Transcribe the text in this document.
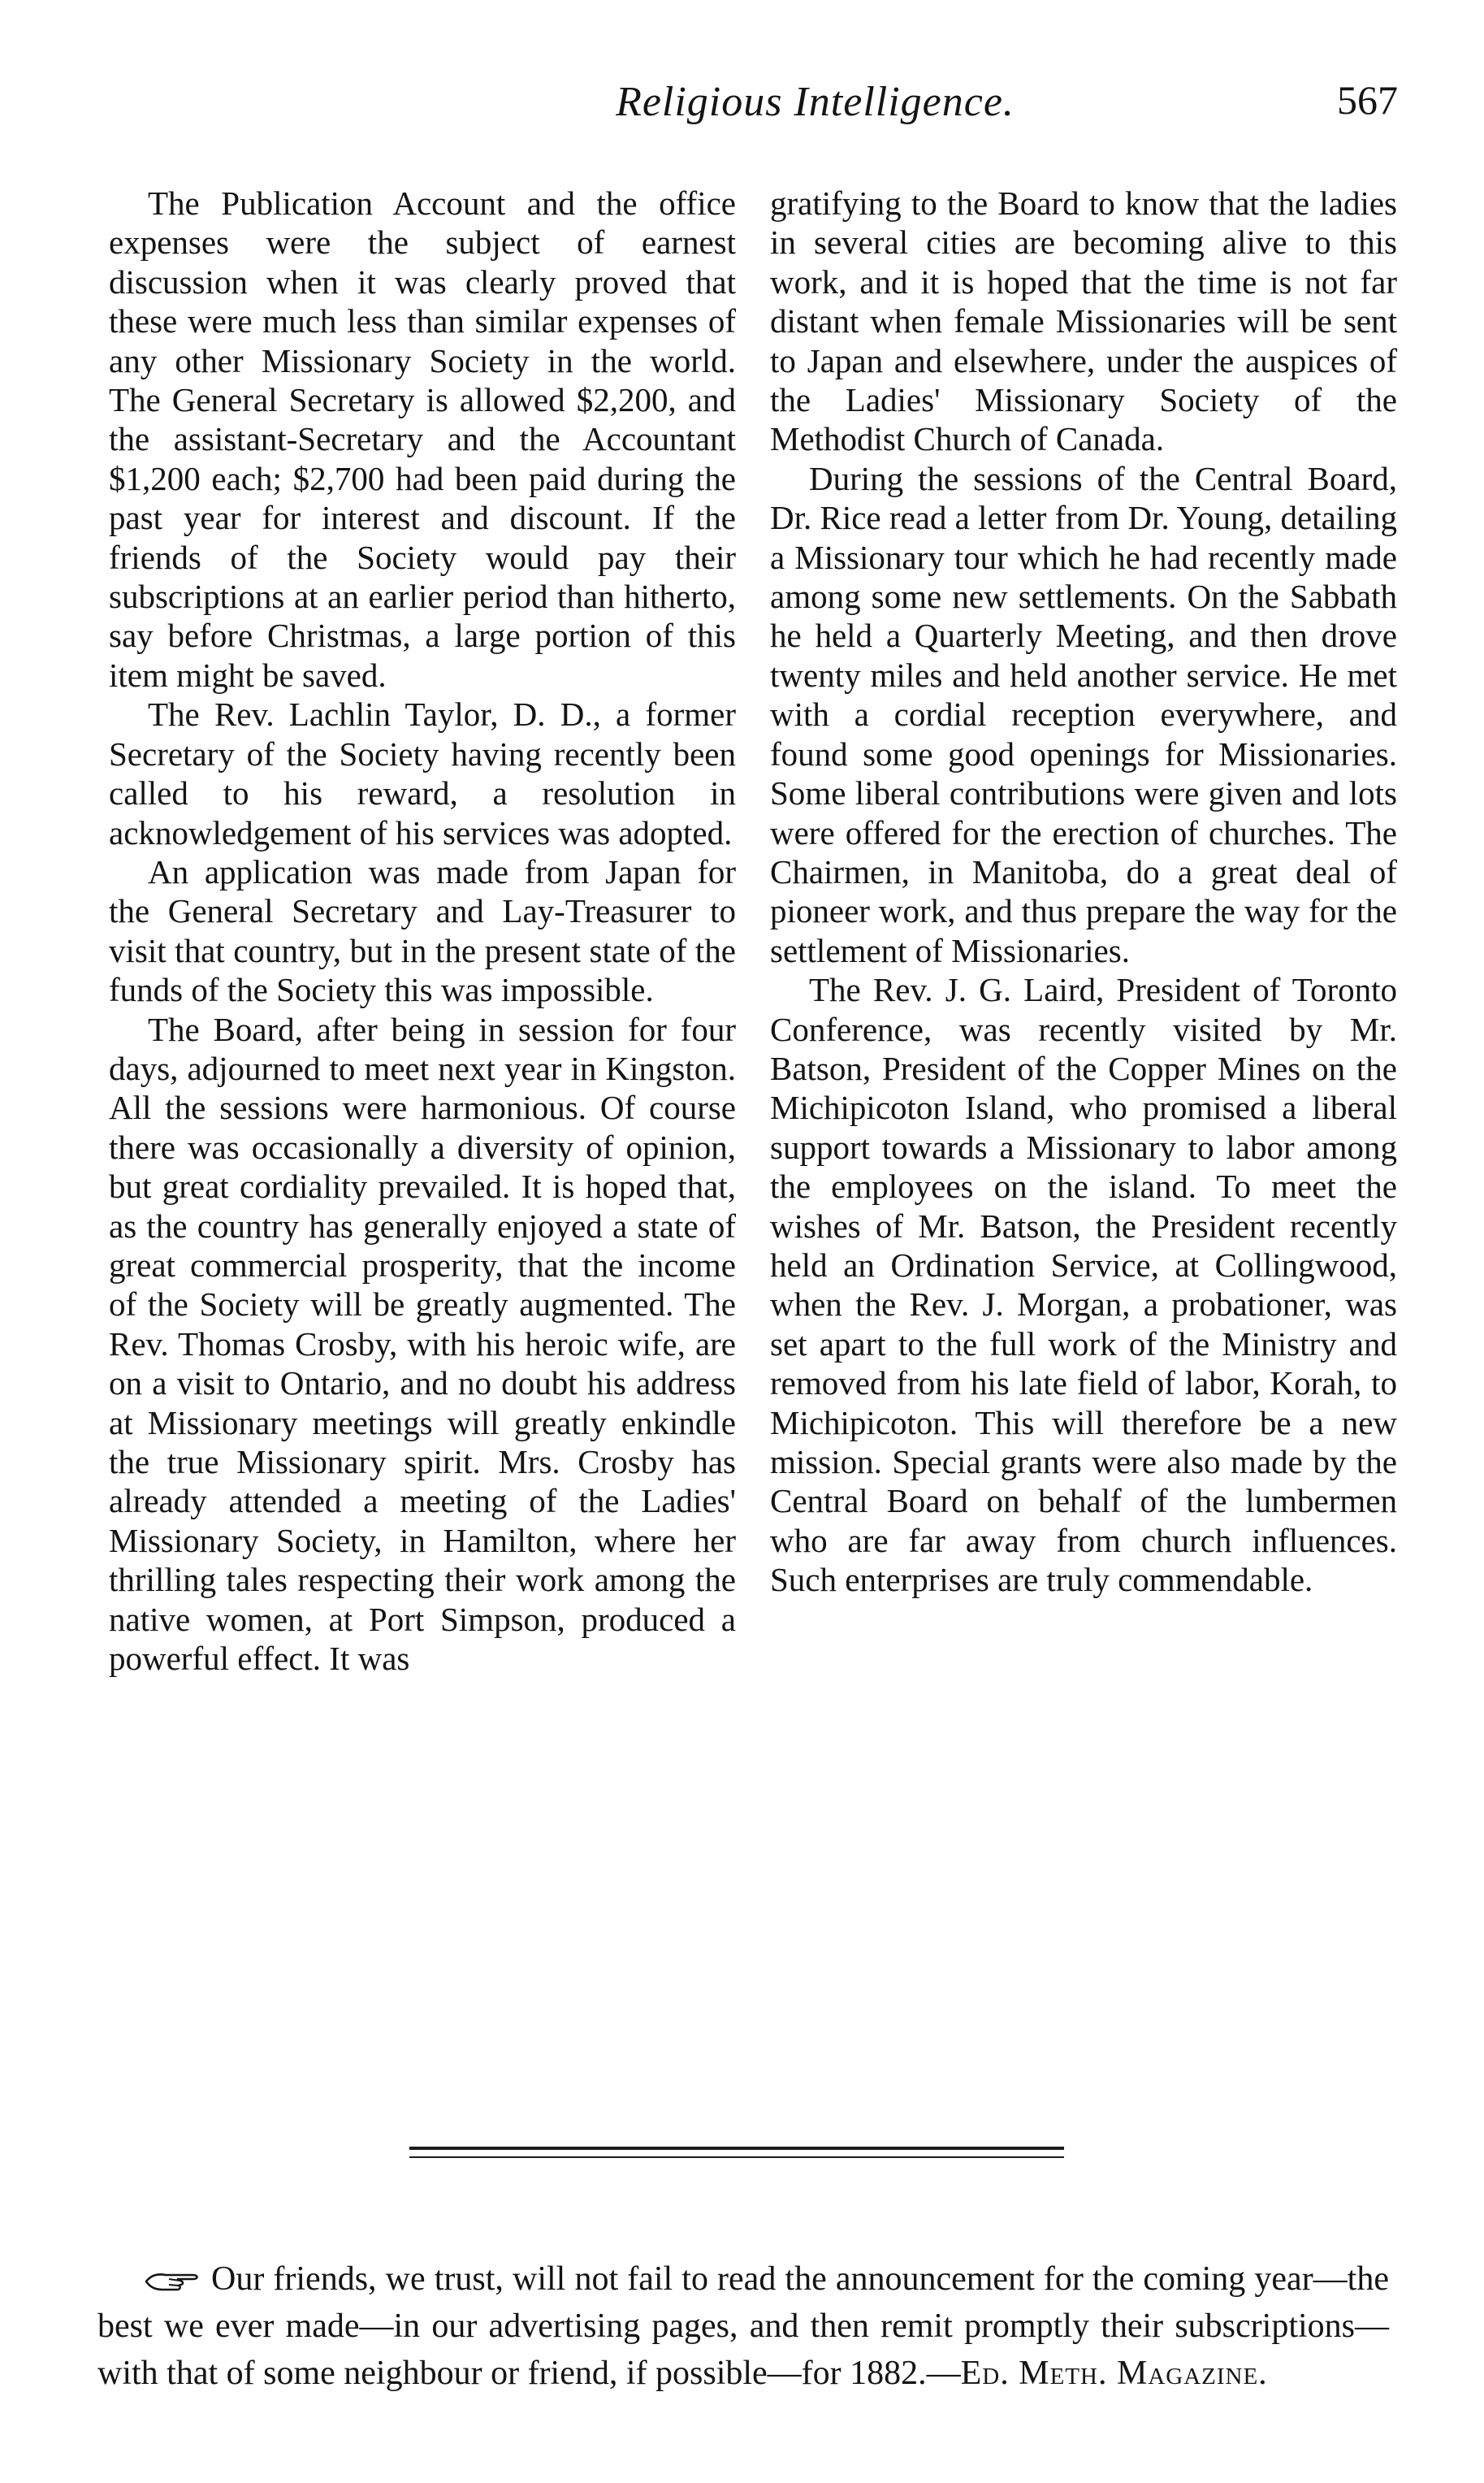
Religious Intelligence.	567

The Publication Account and the office expenses were the subject of earnest discussion when it was clearly proved that these were much less than similar expenses of any other Missionary Society in the world. The General Secretary is allowed $2,200, and the assistant-Secretary and the Accountant $1,200 each; $2,700 had been paid during the past year for interest and discount. If the friends of the Society would pay their subscriptions at an earlier period than hitherto, say before Christmas, a large portion of this item might be saved.

The Rev. Lachlin Taylor, D. D., a former Secretary of the Society having recently been called to his reward, a resolution in acknowledgement of his services was adopted.

An application was made from Japan for the General Secretary and Lay-Treasurer to visit that country, but in the present state of the funds of the Society this was impossible.

The Board, after being in session for four days, adjourned to meet next year in Kingston. All the sessions were harmonious. Of course there was occasionally a diversity of opinion, but great cordiality prevailed. It is hoped that, as the country has generally enjoyed a state of great commercial prosperity, that the income of the Society will be greatly augmented. The Rev. Thomas Crosby, with his heroic wife, are on a visit to Ontario, and no doubt his address at Missionary meetings will greatly enkindle the true Missionary spirit. Mrs. Crosby has already attended a meeting of the Ladies' Missionary Society, in Hamilton, where her thrilling tales respecting their work among the native women, at Port Simpson, produced a powerful effect. It was

gratifying to the Board to know that the ladies in several cities are becoming alive to this work, and it is hoped that the time is not far distant when female Missionaries will be sent to Japan and elsewhere, under the auspices of the Ladies' Missionary Society of the Methodist Church of Canada.

During the sessions of the Central Board, Dr. Rice read a letter from Dr. Young, detailing a Missionary tour which he had recently made among some new settlements. On the Sabbath he held a Quarterly Meeting, and then drove twenty miles and held another service. He met with a cordial reception everywhere, and found some good openings for Missionaries. Some liberal contributions were given and lots were offered for the erection of churches. The Chairmen, in Manitoba, do a great deal of pioneer work, and thus prepare the way for the settlement of Missionaries.

The Rev. J. G. Laird, President of Toronto Conference, was recently visited by Mr. Batson, President of the Copper Mines on the Michipicoton Island, who promised a liberal support towards a Missionary to labor among the employees on the island. To meet the wishes of Mr. Batson, the President recently held an Ordination Service, at Collingwood, when the Rev. J. Morgan, a probationer, was set apart to the full work of the Ministry and removed from his late field of labor, Korah, to Michipicoton. This will therefore be a new mission. Special grants were also made by the Central Board on behalf of the lumbermen who are far away from church influences. Such enterprises are truly commendable.

Our friends, we trust, will not fail to read the announcement for the coming year—the best we ever made—in our advertising pages, and then remit promptly their subscriptions—with that of some neighbour or friend, if possible—for 1882.—Ed. Meth. Magazine.
